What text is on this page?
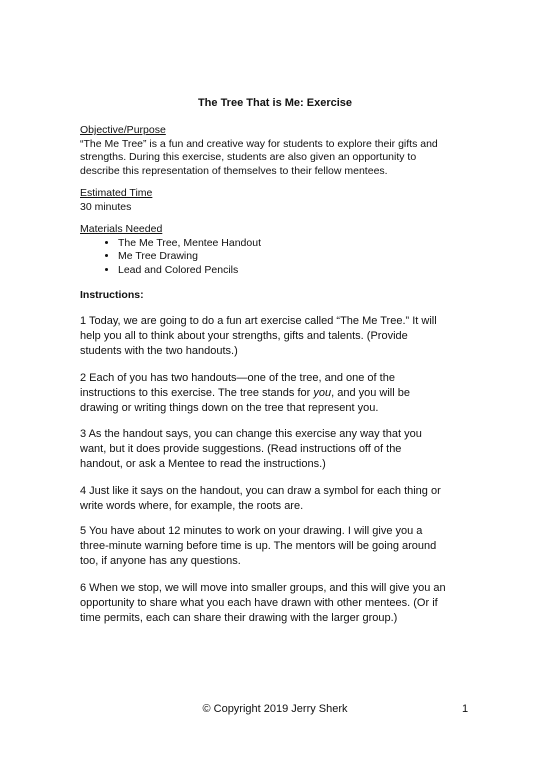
The Tree That is Me: Exercise
Objective/Purpose
“The Me Tree” is a fun and creative way for students to explore their gifts and
strengths. During this exercise, students are also given an opportunity to
describe this representation of themselves to their fellow mentees.
Estimated Time
30 minutes
Materials Needed
• The Me Tree, Mentee Handout
• Me Tree Drawing
• Lead and Colored Pencils
Instructions:

1 Today, we are going to do a fun art exercise called “The Me Tree.” It will
help you all to think about your strengths, gifts and talents. (Provide
students with the two handouts.)

2 Each of you has two handouts—one of the tree, and one of the
instructions to this exercise. The tree stands for you, and you will be
drawing or writing things down on the tree that represent you.

3 As the handout says, you can change this exercise any way that you
want, but it does provide suggestions. (Read instructions off of the
handout, or ask a Mentee to read the instructions.)

4 Just like it says on the handout, you can draw a symbol for each thing or
write words where, for example, the roots are.

5 You have about 12 minutes to work on your drawing. I will give you a
three-minute warning before time is up. The mentors will be going around
too, if anyone has any questions.

6 When we stop, we will move into smaller groups, and this will give you an
opportunity to share what you each have drawn with other mentees. (Or if
time permits, each can share their drawing with the larger group.)

© Copyright 2019 Jerry Sherk	1
